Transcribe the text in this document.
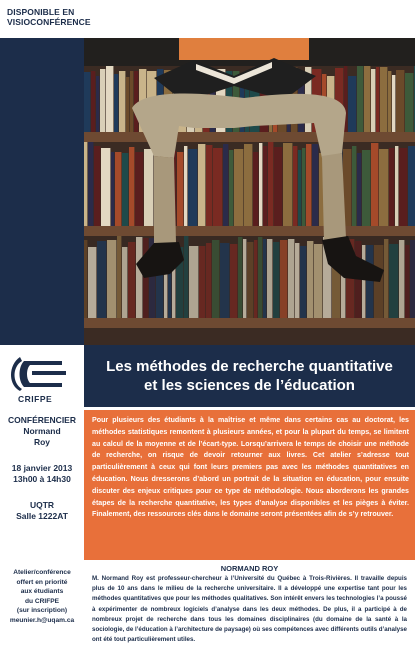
DISPONIBLE EN
VISIOCONFÉRENCE
CRIFPE
Les méthodes de recherche quantitative
et les sciences de l’éducation
CONFÉRENCIER
Normand
Roy
18 janvier 2013
13h00 à 14h30
UQTR
Salle 1222AT
Pour plusieurs des étudiants à la maîtrise et même dans certains cas au doctorat, les méthodes statistiques remontent à plusieurs années, et pour la plupart du temps, se limitent au calcul de la moyenne et de l’écart-type. Lorsqu’arrivera le temps de choisir une méthode de recherche, on risque de devoir retourner aux livres. Cet atelier s’adresse tout particulièrement à ceux qui font leurs premiers pas avec les méthodes quantitatives en éducation. Nous dresserons d’abord un portrait de la situation en éducation, pour ensuite discuter des enjeux critiques pour ce type de méthodologie. Nous aborderons les grandes étapes de la recherche quantitative, les types d’analyse disponibles et les pièges à éviter. Finalement, des ressources clés dans le domaine seront présentées afin de s’y retrouver.
NORMAND ROY
M. Normand Roy est professeur-chercheur à l’Université du Québec à Trois-Rivières. Il travaille depuis plus de 10 ans dans le milieu de la recherche universitaire. Il a développé une expertise tant pour les méthodes quantitatives que pour les méthodes qualitatives. Son intérêt envers les technologies l’a poussé à expérimenter de nombreux logiciels d’analyse dans les deux méthodes. De plus, il a participé à de nombreux projet de recherche dans tous les domaines disciplinaires (du domaine de la santé à la sociologie, de l’éducation à l’architecture de paysage) où ses compétences avec différents outils d’analyse ont été tout particulièrement utiles.
Atelier/conférence
offert en priorité
aux étudiants
du CRIFPE
(sur inscription)
meunier.h@uqam.ca
